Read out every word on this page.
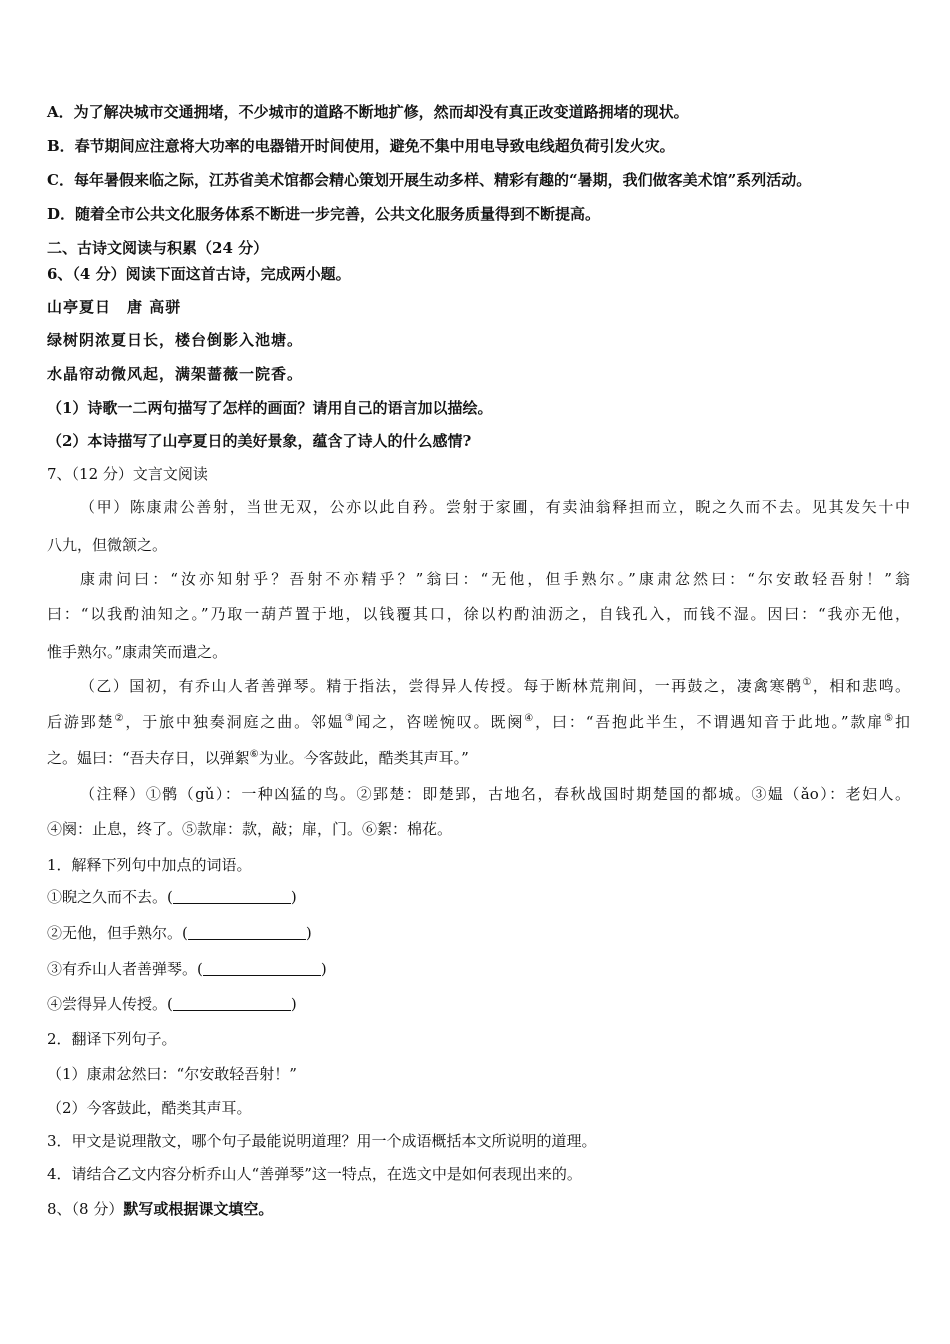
A．为了解决城市交通拥堵，不少城市的道路不断地扩修，然而却没有真正改变道路拥堵的现状。
B．春节期间应注意将大功率的电器错开时间使用，避免不集中用电导致电线超负荷引发火灾。
C．每年暑假来临之际，江苏省美术馆都会精心策划开展生动多样、精彩有趣的“暑期，我们做客美术馆”系列活动。
D．随着全市公共文化服务体系不断进一步完善，公共文化服务质量得到不断提高。
二、古诗文阅读与积累（24 分）
6、（4 分）阅读下面这首古诗，完成两小题。
山亭夏日　唐 高骈
绿树阴浓夏日长，楼台倒影入池塘。
水晶帘动微风起，满架蔷薇一院香。
（1）诗歌一二两句描写了怎样的画面？请用自己的语言加以描绘。
（2）本诗描写了山亭夏日的美好景象，蕴含了诗人的什么感情?
7、（12 分）文言文阅读
（甲）陈康肃公善射，当世无双，公亦以此自矜。尝射于家圃，有卖油翁释担而立，睨之久而不去。见其发矢十中
八九，但微颔之。
康肃问曰：“汝亦知射乎？吾射不亦精乎？”翁曰：“无他，但手熟尔。”康肃忿然曰：“尔安敢轻吾射！”翁
曰：“以我酌油知之。”乃取一葫芦置于地，以钱覆其口，徐以杓酌油沥之，自钱孔入，而钱不湿。因曰：“我亦无他，
惟手熟尔。”康肃笑而遣之。
（乙）国初，有乔山人者善弹琴。精于指法，尝得异人传授。每于断林荒荆间，一再鼓之，凄禽寒鹘①，相和悲鸣。
后游郢楚②，于旅中独奏洞庭之曲。邻媪③闻之，咨嗟惋叹。既阕④，曰：“吾抱此半生，不谓遇知音于此地。”款扉⑤扣
之。媪曰：“吾夫存日，以弹絮⑥为业。今客鼓此，酷类其声耳。”
（注释）①鹘（gǔ）：一种凶猛的鸟。②郢楚：即楚郢，古地名，春秋战国时期楚国的都城。③媪（ǎo）：老妇人。
④阕：止息，终了。⑤款扉：款，敲；扉，门。⑥絮：棉花。
1．解释下列句中加点的词语。
①睨之久而不去。(	)
②无他，但手熟尔。(	)
③有乔山人者善弹琴。(	)
④尝得异人传授。(	)
2．翻译下列句子。
（1）康肃忿然曰：“尔安敢轻吾射！”
（2）今客鼓此，酷类其声耳。
3．甲文是说理散文，哪个句子最能说明道理？用一个成语概括本文所说明的道理。
4．请结合乙文内容分析乔山人“善弹琴”这一特点，在选文中是如何表现出来的。
8、（8 分）默写或根据课文填空。
